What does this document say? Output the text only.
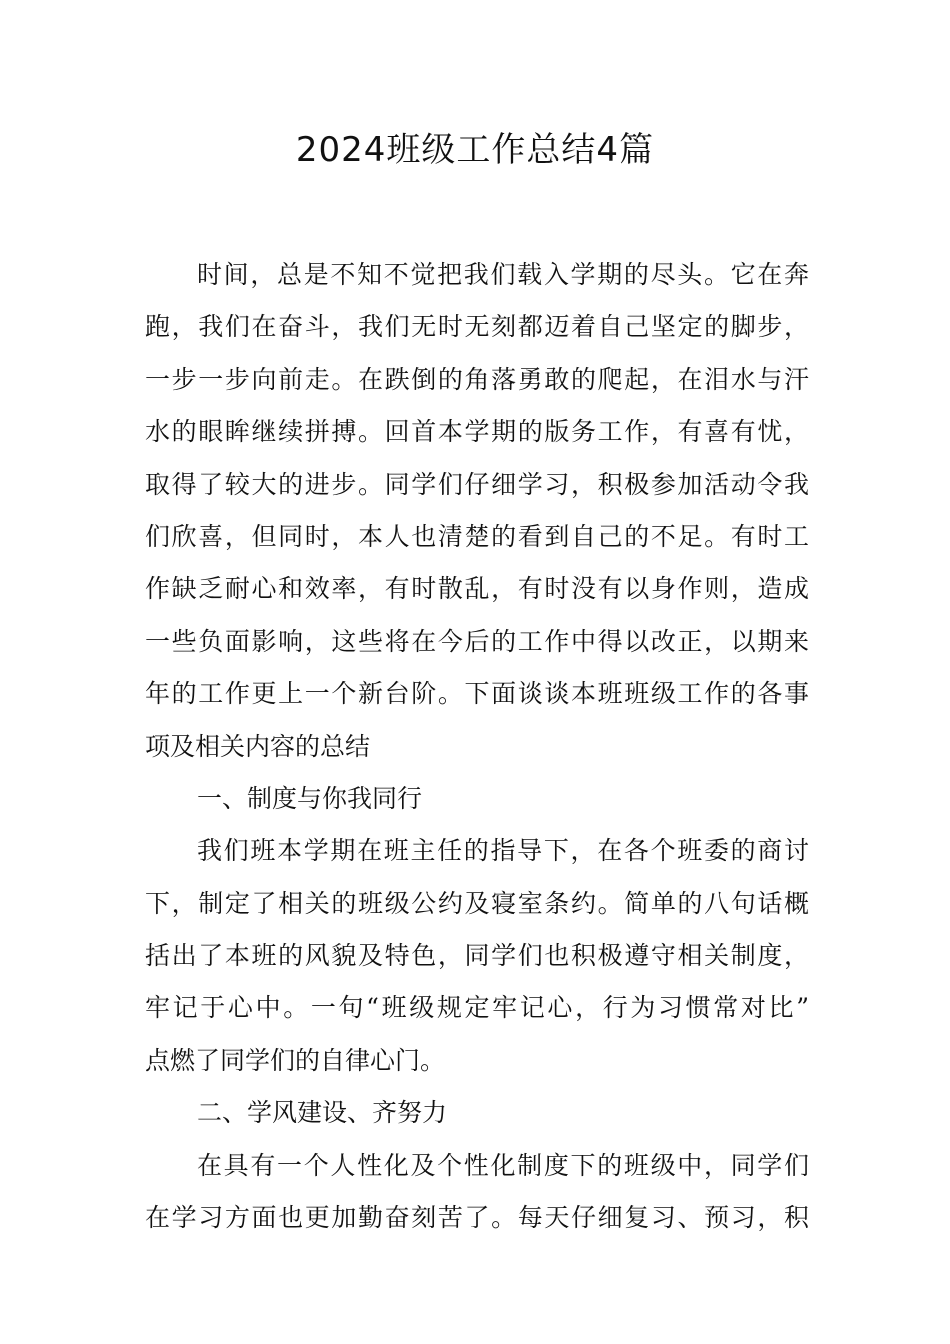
2024班级工作总结4篇
时间，总是不知不觉把我们载入学期的尽头。它在奔
跑，我们在奋斗，我们无时无刻都迈着自己坚定的脚步，
一步一步向前走。在跌倒的角落勇敢的爬起，在泪水与汗
水的眼眸继续拼搏。回首本学期的版务工作，有喜有忧，
取得了较大的进步。同学们仔细学习，积极参加活动令我
们欣喜，但同时，本人也清楚的看到自己的不足。有时工
作缺乏耐心和效率，有时散乱，有时没有以身作则，造成
一些负面影响，这些将在今后的工作中得以改正，以期来
年的工作更上一个新台阶。下面谈谈本班班级工作的各事
项及相关内容的总结
一、制度与你我同行
我们班本学期在班主任的指导下，在各个班委的商讨
下，制定了相关的班级公约及寝室条约。简单的八句话概
括出了本班的风貌及特色，同学们也积极遵守相关制度，
牢记于心中。一句“班级规定牢记心，行为习惯常对比”
点燃了同学们的自律心门。
二、学风建设、齐努力
在具有一个人性化及个性化制度下的班级中，同学们
在学习方面也更加勤奋刻苦了。每天仔细复习、预习，积
